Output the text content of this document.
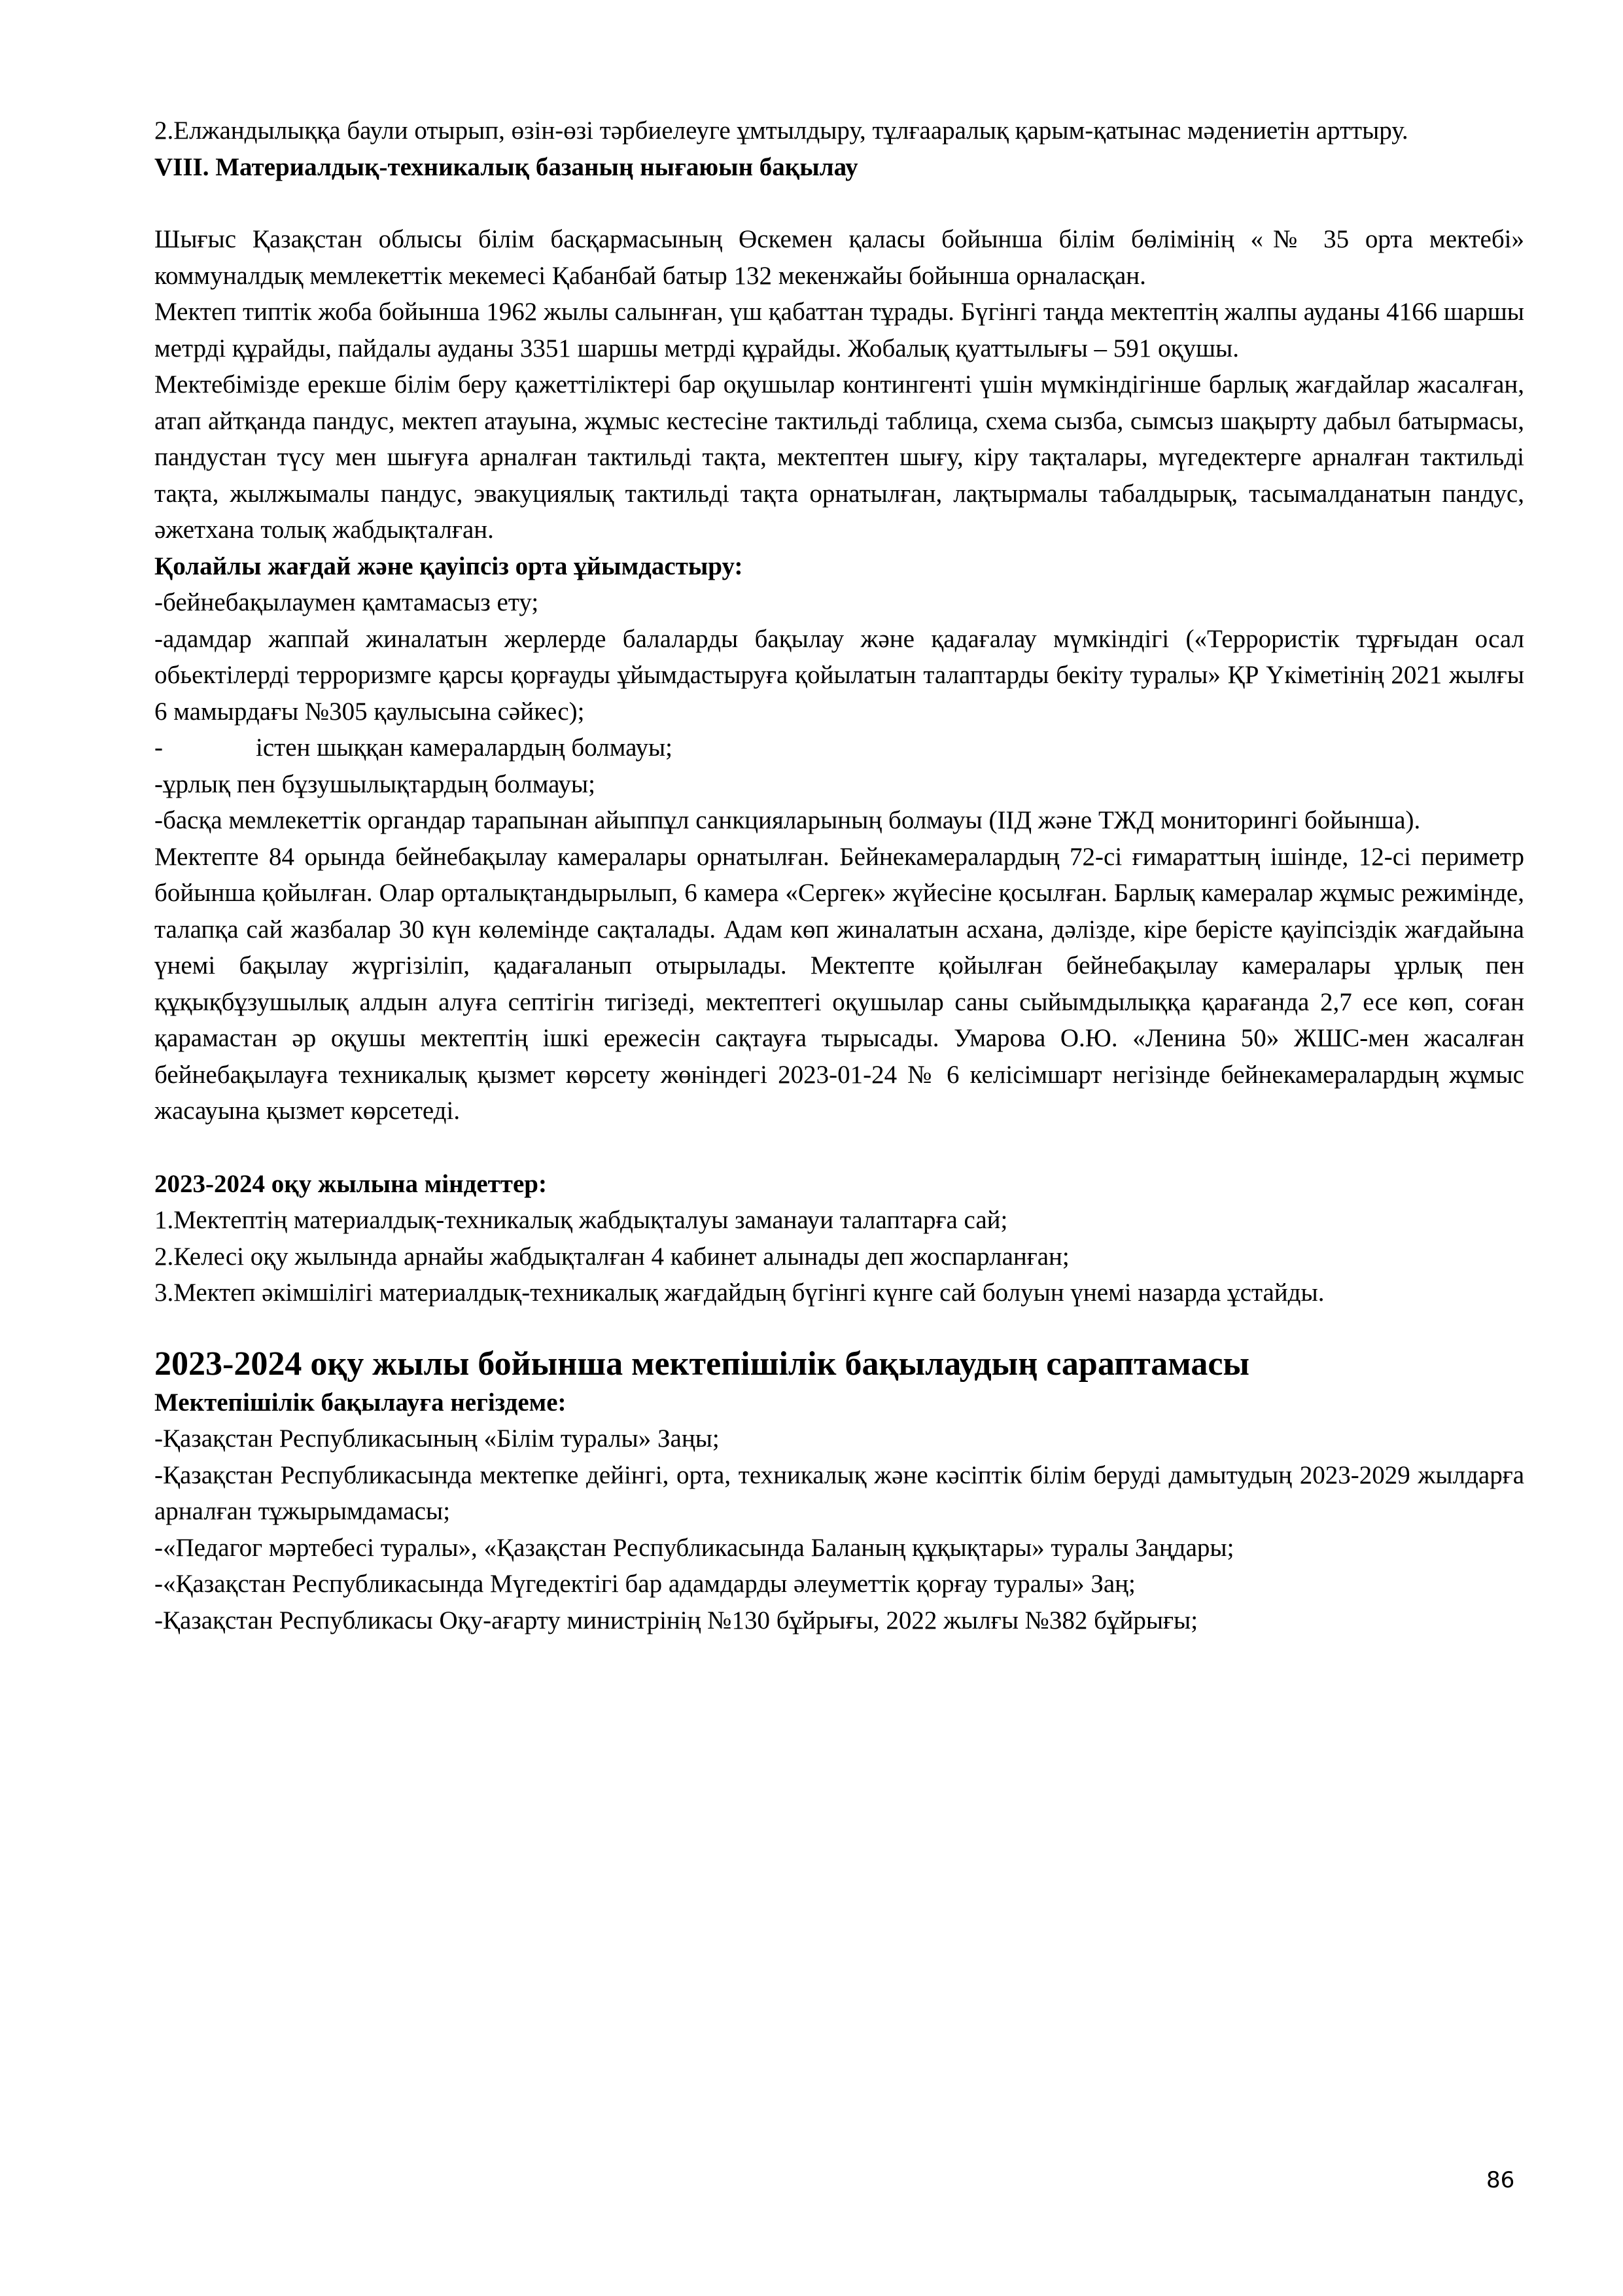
2.Елжандылыққа баули отырып, өзін-өзі тәрбиелеуге ұмтылдыру, тұлғааралық қарым-қатынас мәдениетін арттыру.

VIII. Материалдық-техникалық базаның нығаюын бақылау

Шығыс Қазақстан облысы білім басқармасының Өскемен қаласы бойынша білім бөлімінің «№ 35 орта мектебі» коммуналдық мемлекеттік мекемесі Қабанбай батыр 132 мекенжайы бойынша орналасқан.

Мектеп типтік жоба бойынша 1962 жылы салынған, үш қабаттан тұрады. Бүгінгі таңда мектептің жалпы ауданы 4166 шаршы метрді құрайды, пайдалы ауданы 3351 шаршы метрді құрайды. Жобалық қуаттылығы – 591 оқушы.

Мектебімізде ерекше білім беру қажеттіліктері бар оқушылар контингенті үшін мүмкіндігінше барлық жағдайлар жасалған, атап айтқанда пандус, мектеп атауына, жұмыс кестесіне тактильді таблица, схема сызба, сымсыз шақырту дабыл батырмасы, пандустан түсу мен шығуға арналған тактильді тақта, мектептен шығу, кіру тақталары, мүгедектерге арналған тактильді тақта, жылжымалы пандус, эвакуциялық тактильді тақта орнатылған, лақтырмалы табалдырық, тасымалданатын пандус, әжетхана толық жабдықталған.

Қолайлы жағдай және қауіпсіз орта ұйымдастыру:

-бейнебақылаумен қамтамасыз ету;

-адамдар жаппай жиналатын жерлерде балаларды бақылау және қадағалау мүмкіндігі («Террористік тұрғыдан осал обьектілерді терроризмге қарсы қорғауды ұйымдастыруға қойылатын талаптарды бекіту туралы» ҚР Үкіметінің 2021 жылғы 6 мамырдағы №305 қаулысына сәйкес);

-	істен шыққан камералардың болмауы;

-ұрлық пен бұзушылықтардың болмауы;

-басқа мемлекеттік органдар тарапынан айыппұл санкцияларының болмауы (ІІД және ТЖД мониторингі бойынша).

Мектепте 84 орында бейнебақылау камералары орнатылған. Бейнекамералардың 72-сі ғимараттың ішінде, 12-сі периметр бойынша қойылған. Олар орталықтандырылып, 6 камера «Сергек» жүйесіне қосылған. Барлық камералар жұмыс режимінде, талапқа сай жазбалар 30 күн көлемінде сақталады. Адам көп жиналатын асхана, дәлізде, кіре берісте қауіпсіздік жағдайына үнемі бақылау жүргізіліп, қадағаланып отырылады. Мектепте қойылған бейнебақылау камералары ұрлық пен құқықбұзушылық алдын алуға септігін тигізеді, мектептегі оқушылар саны сыйымдылыққа қарағанда 2,7 есе көп, соған қарамастан әр оқушы мектептің ішкі ережесін сақтауға тырысады. Умарова О.Ю. «Ленина 50» ЖШС-мен жасалған бейнебақылауға техникалық қызмет көрсету жөніндегі 2023-01-24 № 6 келісімшарт негізінде бейнекамералардың жұмыс жасауына қызмет көрсетеді.

2023-2024 оқу жылына міндеттер:

1.Мектептің материалдық-техникалық жабдықталуы заманауи талаптарға сай;

2.Келесі оқу жылында арнайы жабдықталған 4 кабинет алынады деп жоспарланған;

3.Мектеп әкімшілігі материалдық-техникалық жағдайдың бүгінгі күнге сай болуын үнемі назарда ұстайды.

2023-2024 оқу жылы бойынша мектепішілік бақылаудың сараптамасы

Мектепішілік бақылауға негіздеме:

-Қазақстан Республикасының «Білім туралы» Заңы;

-Қазақстан Республикасында мектепке дейінгі, орта, техникалық және кәсіптік білім беруді дамытудың 2023-2029 жылдарға арналған тұжырымдамасы;

-«Педагог мәртебесі туралы», «Қазақстан Республикасында Баланың құқықтары» туралы Заңдары;

-«Қазақстан Республикасында Мүгедектігі бар адамдарды әлеуметтік қорғау туралы» Заң;

-Қазақстан Республикасы Оқу-ағарту министрінің №130 бұйрығы, 2022 жылғы №382 бұйрығы;

86
